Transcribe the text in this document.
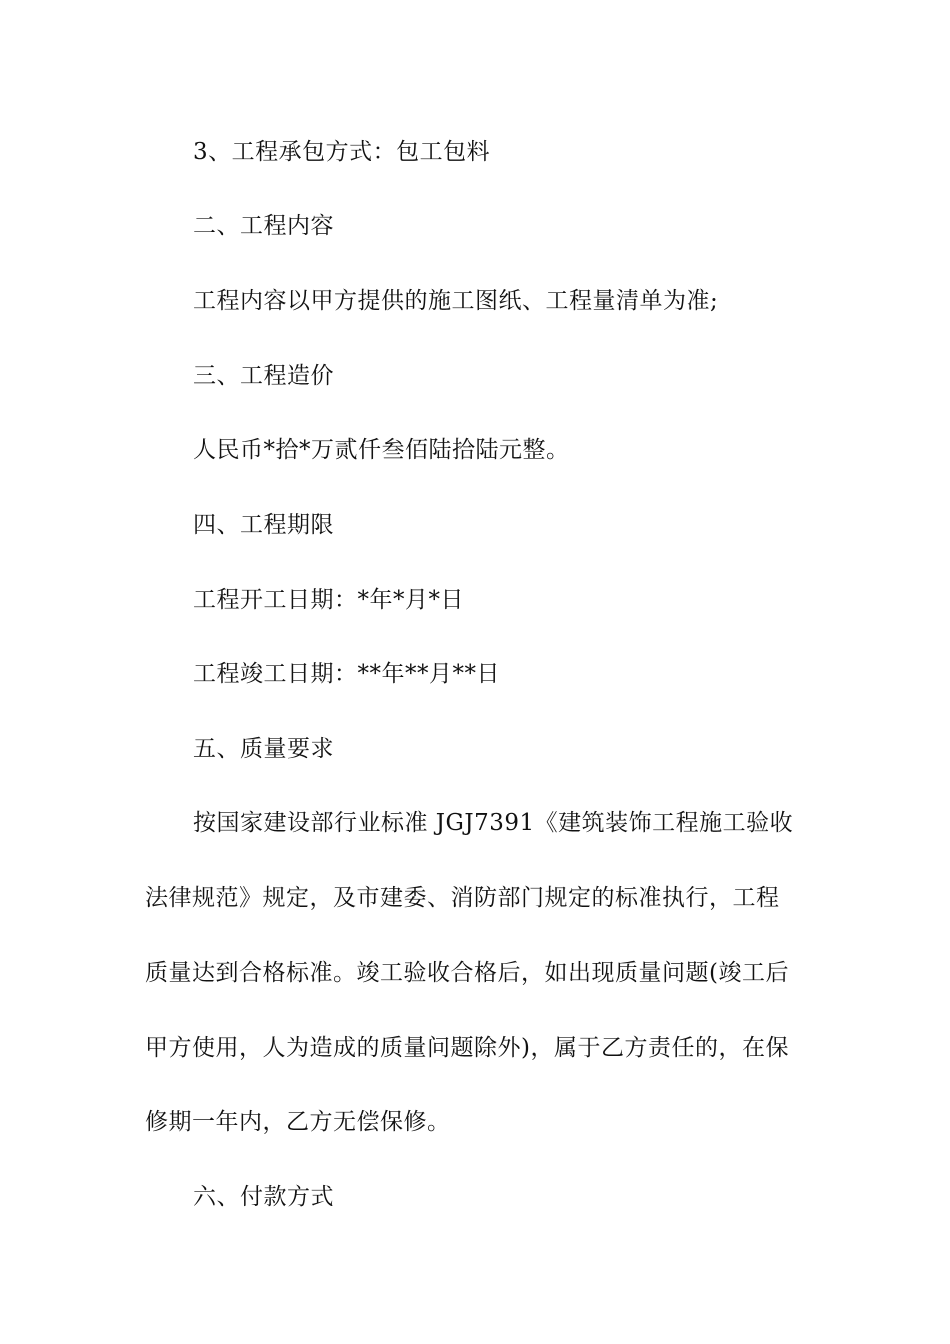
3、工程承包方式：包工包料
二、工程内容
工程内容以甲方提供的施工图纸、工程量清单为准;
三、工程造价
人民币*拾*万贰仟叁佰陆拾陆元整。
四、工程期限
工程开工日期：*年*月*日
工程竣工日期：**年**月**日
五、质量要求
按国家建设部行业标准 JGJ7391《建筑装饰工程施工验收
法律规范》规定，及市建委、消防部门规定的标准执行，工程
质量达到合格标准。竣工验收合格后，如出现质量问题(竣工后
甲方使用，人为造成的质量问题除外)，属于乙方责任的，在保
修期一年内，乙方无偿保修。
六、付款方式
